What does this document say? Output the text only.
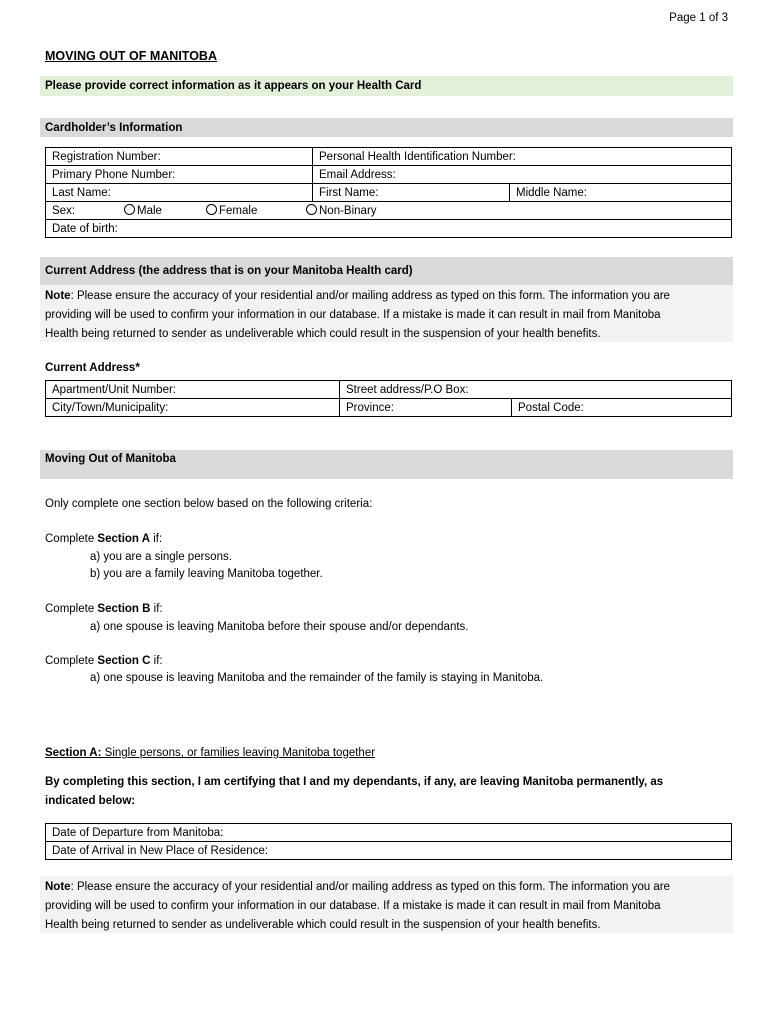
Page 1 of 3
MOVING OUT OF MANITOBA
Please provide correct information as it appears on your Health Card
Cardholder’s Information
Registration Number:	Personal Health Identification Number:	
Primary Phone Number:	Email Address:	
Last Name:	First Name:	Middle Name:
Sex: Male Female Non-Binary		
Date of birth:		
Current Address (the address that is on your Manitoba Health card)
Note: Please ensure the accuracy of your residential and/or mailing address as typed on this form. The information you are
providing will be used to confirm your information in our database. If a mistake is made it can result in mail from Manitoba
Health being returned to sender as undeliverable which could result in the suspension of your health benefits.
Current Address*
Apartment/Unit Number:	Street address/P.O Box:	
City/Town/Municipality:	Province:	Postal Code:
Moving Out of Manitoba
Only complete one section below based on the following criteria:
Complete Section A if:
a) you are a single persons.
b) you are a family leaving Manitoba together.
Complete Section B if:
a) one spouse is leaving Manitoba before their spouse and/or dependants.
Complete Section C if:
a) one spouse is leaving Manitoba and the remainder of the family is staying in Manitoba.
Section A: Single persons, or families leaving Manitoba together
By completing this section, I am certifying that I and my dependants, if any, are leaving Manitoba permanently, as
indicated below:
Date of Departure from Manitoba:
Date of Arrival in New Place of Residence:
Note: Please ensure the accuracy of your residential and/or mailing address as typed on this form. The information you are
providing will be used to confirm your information in our database. If a mistake is made it can result in mail from Manitoba
Health being returned to sender as undeliverable which could result in the suspension of your health benefits.
